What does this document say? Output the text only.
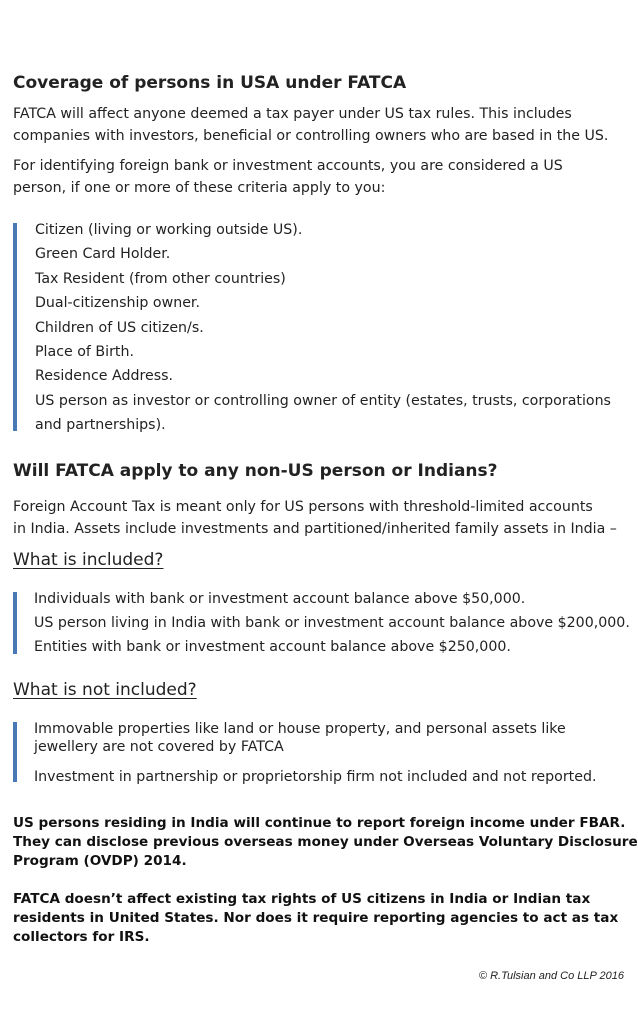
Coverage of persons in USA under FATCA

FATCA will affect anyone deemed a tax payer under US tax rules. This includes
companies with investors, beneficial or controlling owners who are based in the US.

For identifying foreign bank or investment accounts, you are considered a US
person, if one or more of these criteria apply to you:

Citizen (living or working outside US).
Green Card Holder.
Tax Resident (from other countries)
Dual-citizenship owner.
Children of US citizen/s.
Place of Birth.
Residence Address.
US person as investor or controlling owner of entity (estates, trusts, corporations
and partnerships).
Will FATCA apply to any non-US person or Indians?

Foreign Account Tax is meant only for US persons with threshold-limited accounts
in India. Assets include investments and partitioned/inherited family assets in India –

What is included?
Individuals with bank or investment account balance above $50,000.
US person living in India with bank or investment account balance above $200,000.
Entities with bank or investment account balance above $250,000.
What is not included?
Immovable properties like land or house property, and personal assets like
jewellery are not covered by FATCA
Investment in partnership or proprietorship firm not included and not reported.

US persons residing in India will continue to report foreign income under FBAR.
They can disclose previous overseas money under Overseas Voluntary Disclosure
Program (OVDP) 2014.

FATCA doesn’t affect existing tax rights of US citizens in India or Indian tax
residents in United States. Nor does it require reporting agencies to act as tax
collectors for IRS.

© R.Tulsian and Co LLP 2016
